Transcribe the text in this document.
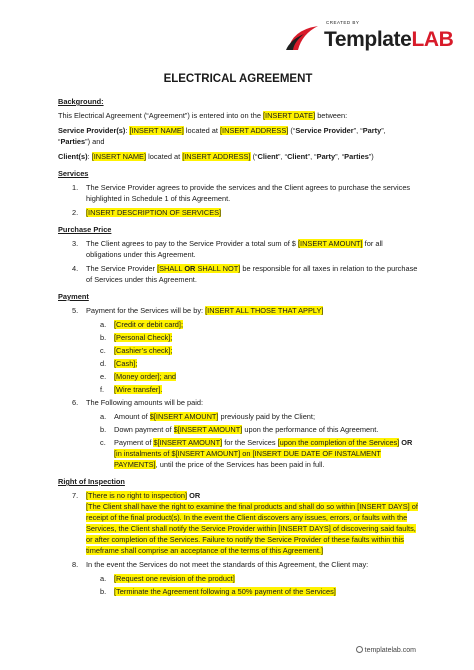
CREATED BY
TemplateLAB
ELECTRICAL AGREEMENT
Background:

This Electrical Agreement (“Agreement”) is entered into on the [INSERT DATE] between:

Service Provider(s): [INSERT NAME] located at [INSERT ADDRESS] (“Service Provider”, “Party”, “Parties”) and

Client(s): [INSERT NAME] located at [INSERT ADDRESS] (“Client”, “Client”, “Party”, “Parties”)

Services
1. The Service Provider agrees to provide the services and the Client agrees to purchase the services highlighted in Schedule 1 of this Agreement.
2. [INSERT DESCRIPTION OF SERVICES]
Purchase Price
3. The Client agrees to pay to the Service Provider a total sum of $ [INSERT AMOUNT] for all obligations under this Agreement.
4. The Service Provider [SHALL OR SHALL NOT] be responsible for all taxes in relation to the purchase of Services under this Agreement.
Payment
5. Payment for the Services will be by: [INSERT ALL THOSE THAT APPLY]
a. [Credit or debit card];
b. [Personal Check];
c. [Cashier’s check];
d. [Cash];
e. [Money order]; and
f. [Wire transfer].
6. The Following amounts will be paid:
a. Amount of $[INSERT AMOUNT] previously paid by the Client;
b. Down payment of $[INSERT AMOUNT] upon the performance of this Agreement.
c. Payment of $[INSERT AMOUNT] for the Services [upon the completion of the Services] OR [in instalments of $[INSERT AMOUNT] on [INSERT DUE DATE OF INSTALMENT PAYMENTS], until the price of the Services has been paid in full.
Right of Inspection
7. [There is no right to inspection] OR
[The Client shall have the right to examine the final products and shall do so within [INSERT DAYS] of receipt of the final product(s). In the event the Client discovers any issues, errors, or faults with the Services, the Client shall notify the Service Provider within [INSERT DAYS] of discovering said faults, or after completion of the Services. Failure to notify the Service Provider of these faults within this timeframe shall comprise an acceptance of the terms of this Agreement.]
8. In the event the Services do not meet the standards of this Agreement, the Client may:
a. [Request one revision of the product]
b. [Terminate the Agreement following a 50% payment of the Services]
templatelab.com
